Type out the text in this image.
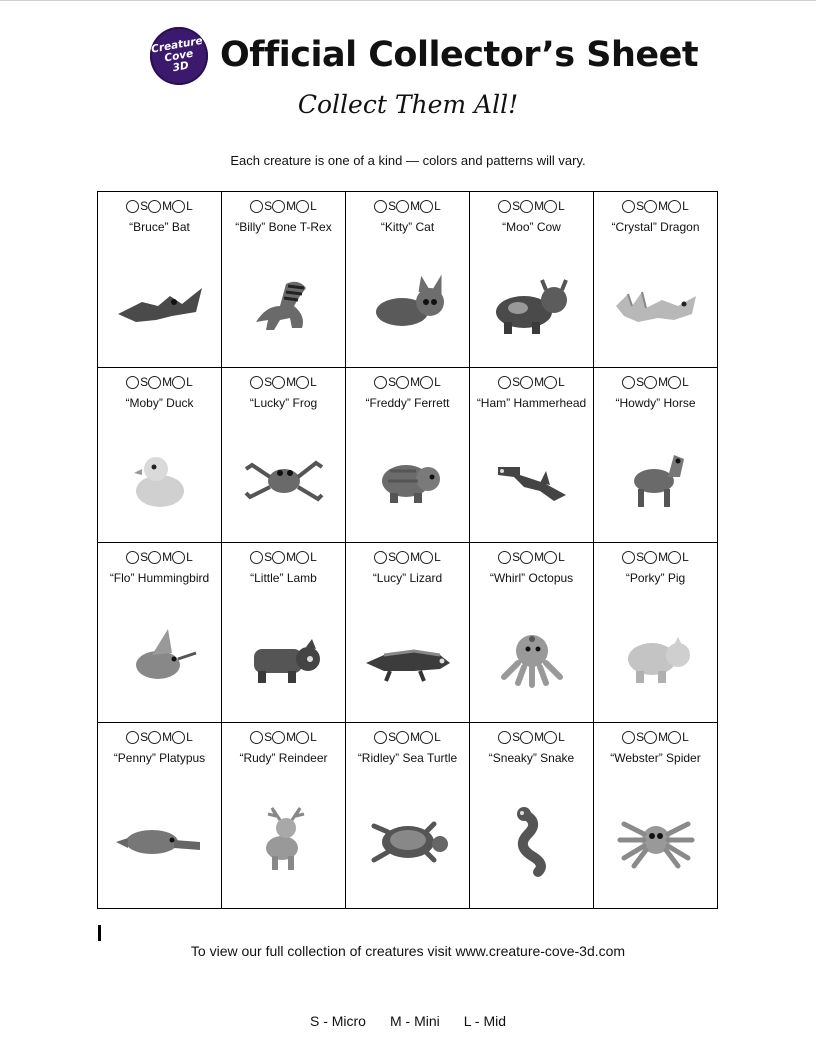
Creature
Cove
3D Official Collector’s Sheet
Collect Them All!
Each creature is one of a kind — colors and patterns will vary.
S M L
“Bruce” Bat
S M L
“Billy” Bone T-Rex
S M L
“Kitty” Cat
S M L
“Moo” Cow
S M L
“Crystal” Dragon
S M L
“Moby” Duck
S M L
“Lucky” Frog
S M L
“Freddy” Ferrett
S M L
“Ham” Hammerhead
S M L
“Howdy” Horse
S M L
“Flo” Hummingbird
S M L
“Little” Lamb
S M L
“Lucy” Lizard
S M L
“Whirl” Octopus
S M L
“Porky” Pig
S M L
“Penny” Platypus
S M L
“Rudy” Reindeer
S M L
“Ridley” Sea Turtle
S M L
“Sneaky” Snake
S M L
“Webster” Spider
To view our full collection of creatures visit www.creature-cove-3d.com
S - Micro M - Mini L - Mid
